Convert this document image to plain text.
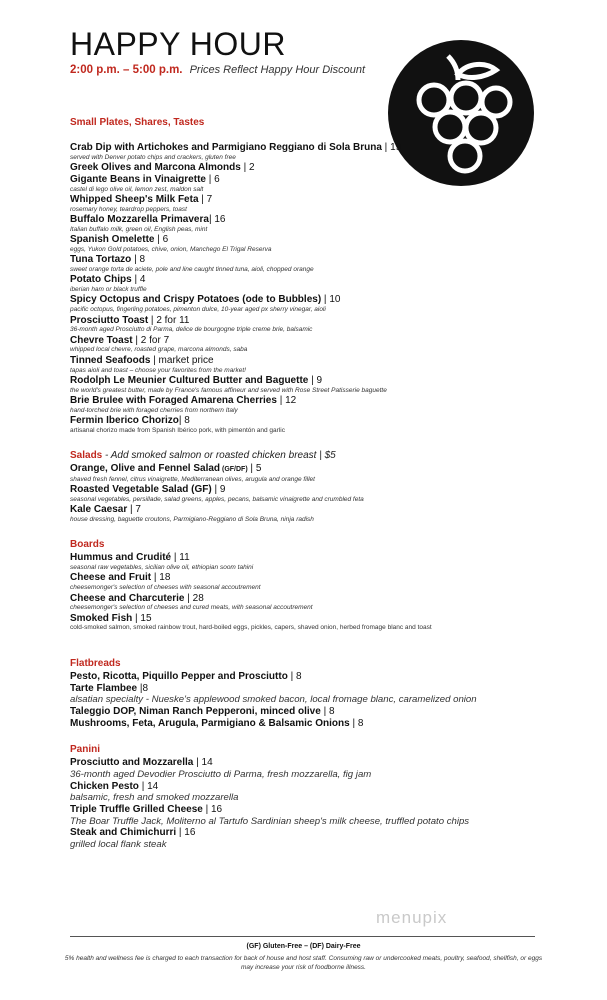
HAPPY HOUR
2:00 p.m. – 5:00 p.m. Prices Reflect Happy Hour Discount
Small Plates, Shares, Tastes
Crab Dip with Artichokes and Parmigiano Reggiano di Sola Bruna | 19
served with Denver potato chips and crackers, gluten free
Greek Olives and Marcona Almonds | 2
Gigante Beans in Vinaigrette | 6
castel di lego olive oil, lemon zest, maldon salt
Whipped Sheep's Milk Feta | 7
rosemary honey, teardrop peppers, toast
Buffalo Mozzarella Primavera| 16
Italian buffalo milk, green oil, English peas, mint
Spanish Omelette | 6
eggs, Yukon Gold potatoes, chive, onion, Manchego El Trigal Reserva
Tuna Tortazo | 8
sweet orange torta de aciete, pole and line caught tinned tuna, aioli, chopped orange
Potato Chips | 4
iberian ham or black truffle
Spicy Octopus and Crispy Potatoes (ode to Bubbles) | 10
pacific octopus, fingerling potatoes, pimenton dulce, 10-year aged px sherry vinegar, aioli
Prosciutto Toast | 2 for 11
36-month aged Prosciutto di Parma, delice de bourgogne triple creme brie, balsamic
Chevre Toast | 2 for 7
whipped local chevre, roasted grape, marcona almonds, saba
Tinned Seafoods | market price
tapas aioli and toast – choose your favorites from the market!
Rodolph Le Meunier Cultured Butter and Baguette | 9
the world's greatest butter, made by France's famous affineur and served with Rose Street Patisserie baguette
Brie Brulee with Foraged Amarena Cherries | 12
hand-torched brie with foraged cherries from northern Italy
Fermin Iberico Chorizo| 8
artisanal chorizo made from Spanish Ibérico pork, with pimentón and garlic
Salads - Add smoked salmon or roasted chicken breast | $5
Orange, Olive and Fennel Salad (GF/DF) | 5
shaved fresh fennel, citrus vinaigrette, Mediterranean olives, arugula and orange fillet
Roasted Vegetable Salad (GF) | 9
seasonal vegetables, persillade, salad greens, apples, pecans, balsamic vinaigrette and crumbled feta
Kale Caesar | 7
house dressing, baguette croutons, Parmigiano-Reggiano di Sola Bruna, ninja radish
Boards
Hummus and Crudité | 11
seasonal raw vegetables, sicilian olive oil, ethiopian soom tahini
Cheese and Fruit | 18
cheesemonger's selection of cheeses with seasonal accoutrement
Cheese and Charcuterie | 28
cheesemonger's selection of cheeses and cured meats, with seasonal accoutrement
Smoked Fish | 15
cold-smoked salmon, smoked rainbow trout, hard-boiled eggs, pickles, capers, shaved onion, herbed fromage blanc and toast
Flatbreads
Pesto, Ricotta, Piquillo Pepper and Prosciutto | 8
Tarte Flambee |8
alsatian specialty - Nueske's applewood smoked bacon, local fromage blanc, caramelized onion
Taleggio DOP, Niman Ranch Pepperoni, minced olive | 8
Mushrooms, Feta, Arugula, Parmigiano & Balsamic Onions | 8
Panini
Prosciutto and Mozzarella | 14
36-month aged Devodier Prosciutto di Parma, fresh mozzarella, fig jam
Chicken Pesto | 14
balsamic, fresh and smoked mozzarella
Triple Truffle Grilled Cheese | 16
The Boar Truffle Jack, Moliterno al Tartufo Sardinian sheep's milk cheese, truffled potato chips
Steak and Chimichurri | 16
grilled local flank steak
menupix
(GF) Gluten-Free – (DF) Dairy-Free
5% health and wellness fee is charged to each transaction for back of house and host staff. Consuming raw or undercooked meats, poultry, seafood, shellfish, or eggs may increase your risk of foodborne illness.
